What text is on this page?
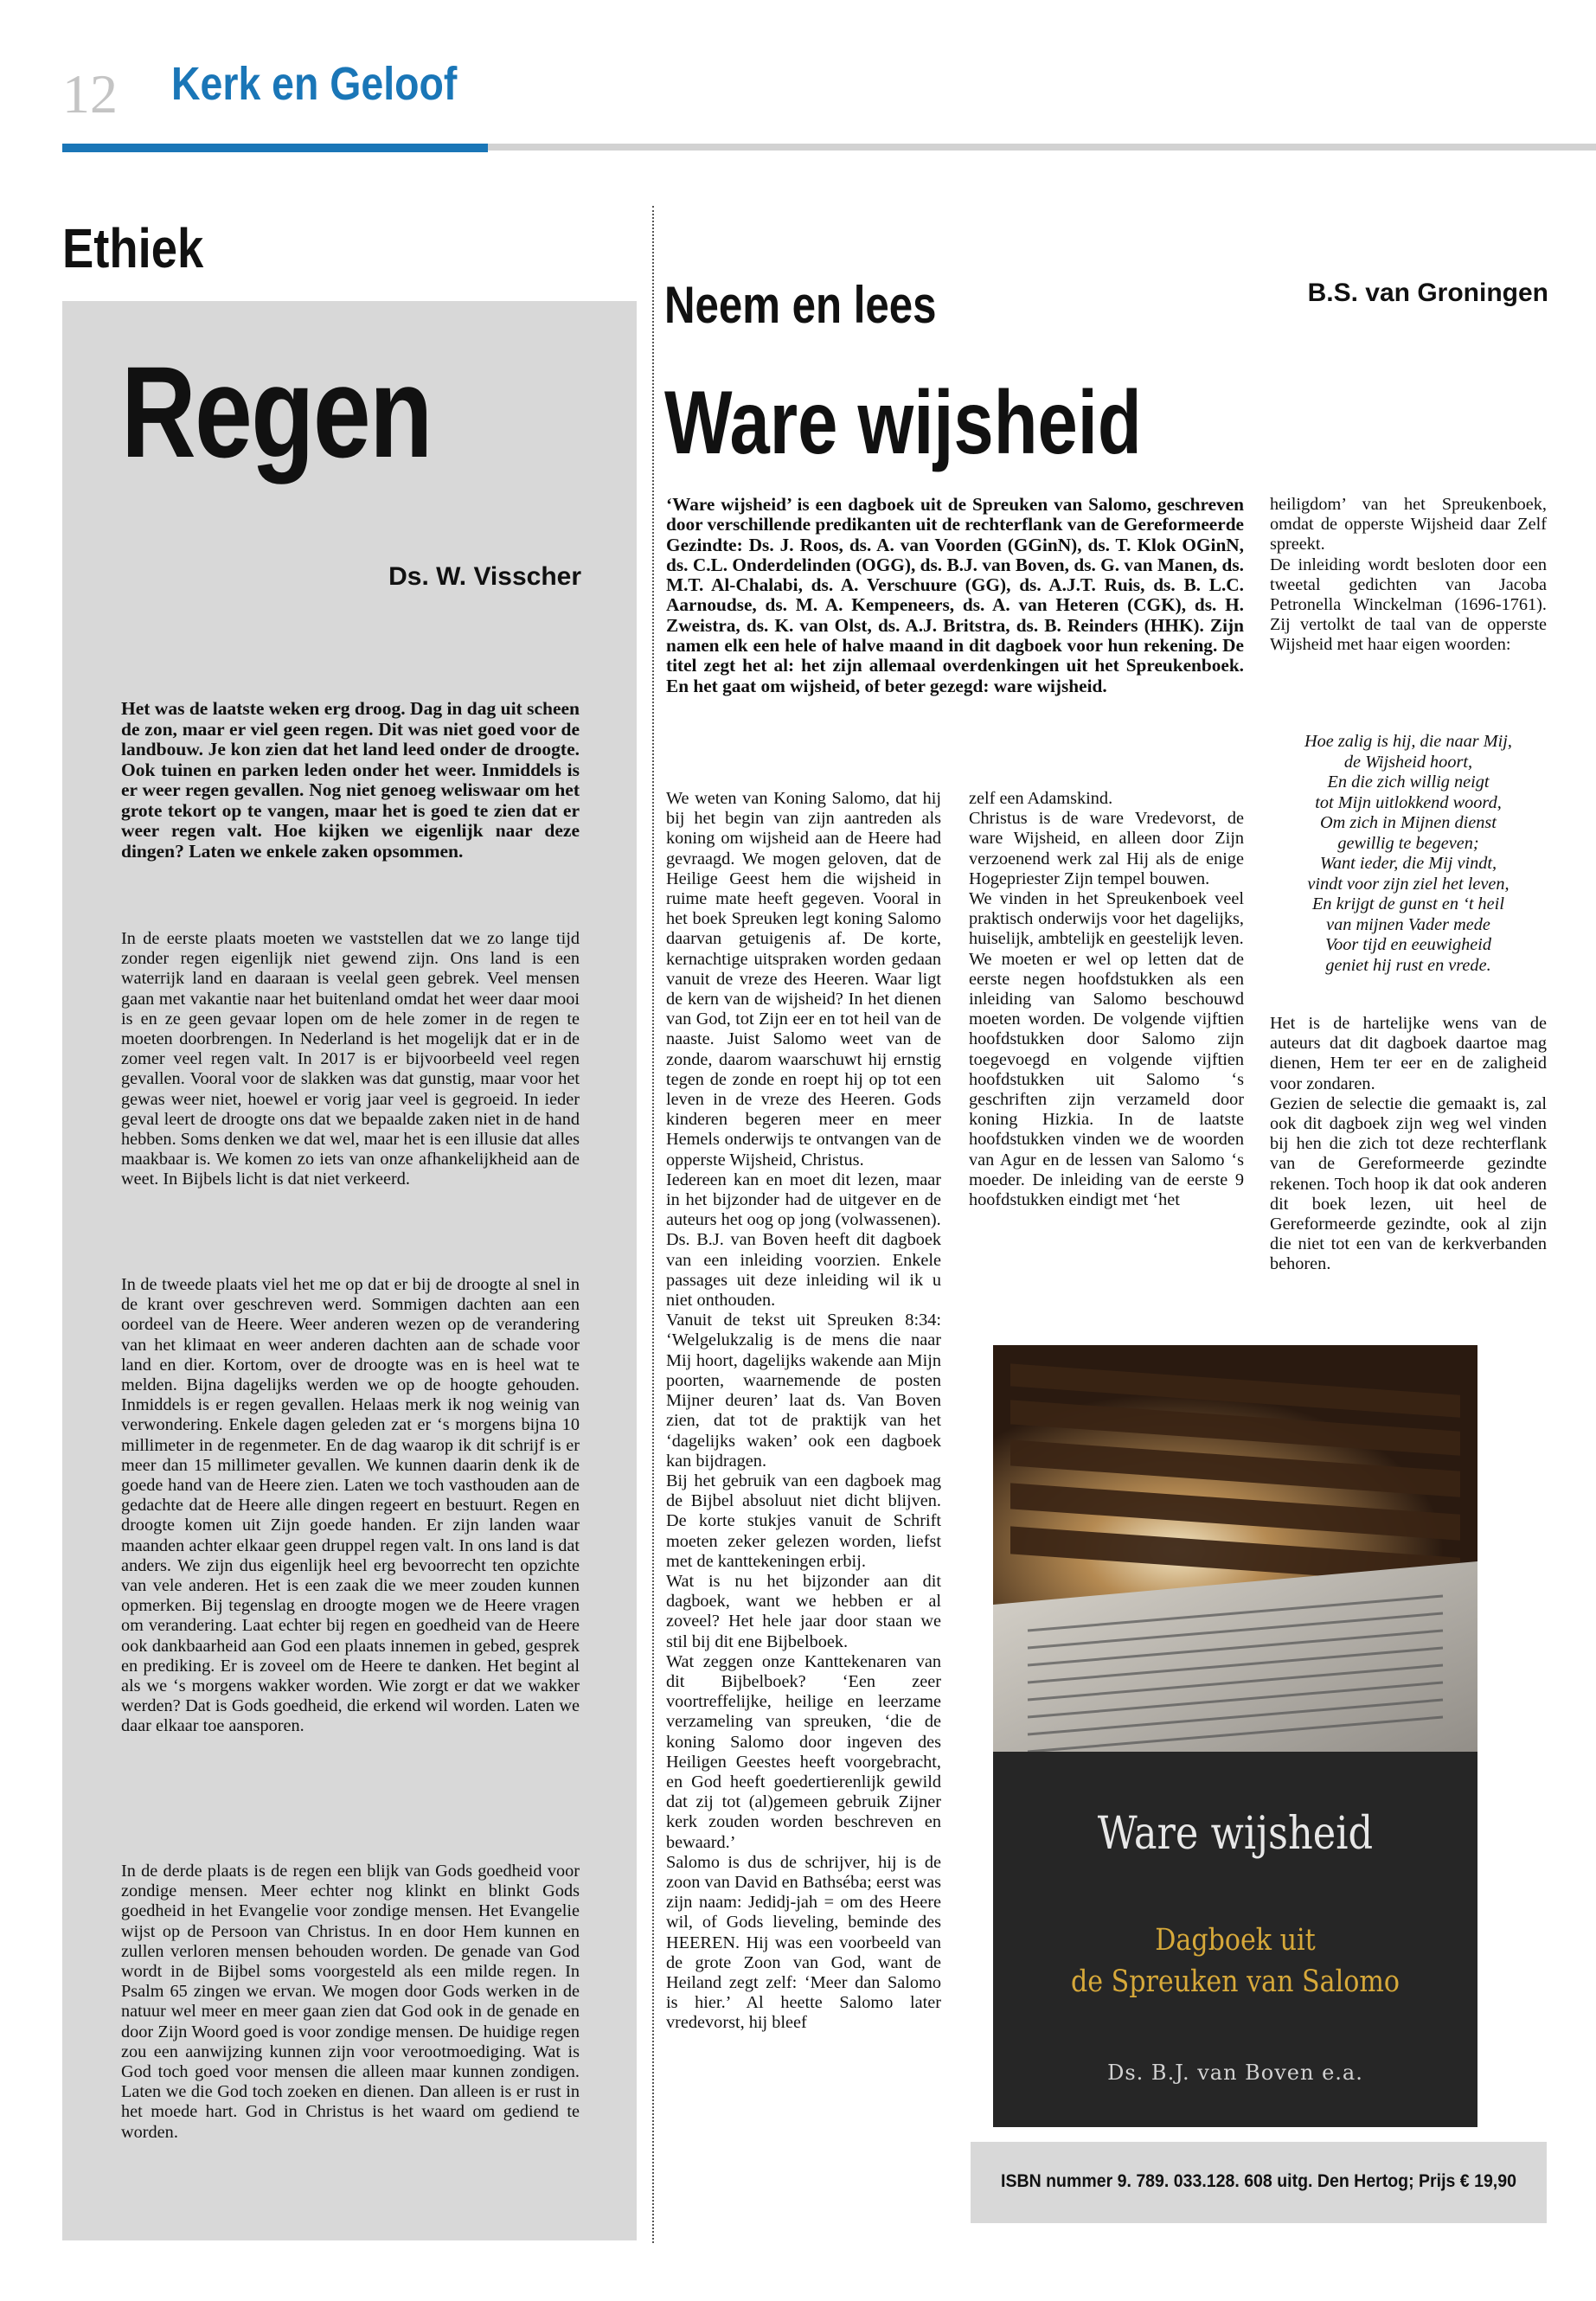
12 Kerk en Geloof
Ethiek
Regen
Ds. W. Visscher
Het was de laatste weken erg droog. Dag in dag uit scheen de zon, maar er viel geen regen. Dit was niet goed voor de landbouw. Je kon zien dat het land leed onder de droogte. Ook tuinen en parken leden onder het weer. Inmiddels is er weer regen gevallen. Nog niet genoeg weliswaar om het grote tekort op te vangen, maar het is goed te zien dat er weer regen valt. Hoe kijken we eigenlijk naar deze dingen? Laten we enkele zaken opsommen.
In de eerste plaats moeten we vaststellen dat we zo lange tijd zonder regen eigenlijk niet gewend zijn. Ons land is een waterrijk land en daaraan is veelal geen gebrek. Veel mensen gaan met vakantie naar het buitenland omdat het weer daar mooi is en ze geen gevaar lopen om de hele zomer in de regen te moeten doorbrengen. In Nederland is het mogelijk dat er in de zomer veel regen valt. In 2017 is er bijvoorbeeld veel regen gevallen. Vooral voor de slakken was dat gunstig, maar voor het gewas weer niet, hoewel er vorig jaar veel is gegroeid. In ieder geval leert de droogte ons dat we bepaalde zaken niet in de hand hebben. Soms denken we dat wel, maar het is een illusie dat alles maakbaar is. We komen zo iets van onze afhankelijkheid aan de weet. In Bijbels licht is dat niet verkeerd.
In de tweede plaats viel het me op dat er bij de droogte al snel in de krant over geschreven werd. Sommigen dachten aan een oordeel van de Heere. Weer anderen wezen op de verandering van het klimaat en weer anderen dachten aan de schade voor land en dier. Kortom, over de droogte was en is heel wat te melden. Bijna dagelijks werden we op de hoogte gehouden. Inmiddels is er regen gevallen. Helaas merk ik nog weinig van verwondering. Enkele dagen geleden zat er ‘s morgens bijna 10 millimeter in de regenmeter. En de dag waarop ik dit schrijf is er meer dan 15 millimeter gevallen. We kunnen daarin denk ik de goede hand van de Heere zien. Laten we toch vasthouden aan de gedachte dat de Heere alle dingen regeert en bestuurt. Regen en droogte komen uit Zijn goede handen. Er zijn landen waar maanden achter elkaar geen druppel regen valt. In ons land is dat anders. We zijn dus eigenlijk heel erg bevoorrecht ten opzichte van vele anderen. Het is een zaak die we meer zouden kunnen opmerken. Bij tegenslag en droogte mogen we de Heere vragen om verandering. Laat echter bij regen en goedheid van de Heere ook dankbaarheid aan God een plaats innemen in gebed, gesprek en prediking. Er is zoveel om de Heere te danken. Het begint al als we ‘s morgens wakker worden. Wie zorgt er dat we wakker werden? Dat is Gods goedheid, die erkend wil worden. Laten we daar elkaar toe aansporen.
In de derde plaats is de regen een blijk van Gods goedheid voor zondige mensen. Meer echter nog klinkt en blinkt Gods goedheid in het Evangelie voor zondige mensen. Het Evangelie wijst op de Persoon van Christus. In en door Hem kunnen en zullen verloren mensen behouden worden. De genade van God wordt in de Bijbel soms voorgesteld als een milde regen. In Psalm 65 zingen we ervan. We mogen door Gods werken in de natuur wel meer en meer gaan zien dat God ook in de genade en door Zijn Woord goed is voor zondige mensen. De huidige regen zou een aanwijzing kunnen zijn voor verootmoediging. Wat is God toch goed voor mensen die alleen maar kunnen zondigen. Laten we die God toch zoeken en dienen. Dan alleen is er rust in het moede hart. God in Christus is het waard om gediend te worden.
Neem en lees	B.S. van Groningen
Ware wijsheid
‘Ware wijsheid’ is een dagboek uit de Spreuken van Salomo, geschreven door verschillende predikanten uit de rechterflank van de Gereformeerde Gezindte: Ds. J. Roos, ds. A. van Voorden (GGinN), ds. T. Klok OGinN, ds. C.L. Onderdelinden (OGG), ds. B.J. van Boven, ds. G. van Manen, ds. M.T. Al-Chalabi, ds. A. Verschuure (GG), ds. A.J.T. Ruis, ds. B. L.C. Aarnoudse, ds. M. A. Kempeneers, ds. A. van Heteren (CGK), ds. H. Zweistra, ds. K. van Olst, ds. A.J. Britstra, ds. B. Reinders (HHK). Zijn namen elk een hele of halve maand in dit dagboek voor hun rekening. De titel zegt het al: het zijn allemaal overdenkingen uit het Spreukenboek. En het gaat om wijsheid, of beter gezegd: ware wijsheid.

We weten van Koning Salomo, dat hij bij het begin van zijn aantreden als koning om wijsheid aan de Heere had gevraagd. We mogen geloven, dat de Heilige Geest hem die wijsheid in ruime mate heeft gegeven. Vooral in het boek Spreuken legt koning Salomo daarvan getuigenis af. De korte, kernachtige uitspraken worden gedaan vanuit de vreze des Heeren. Waar ligt de kern van de wijsheid? In het dienen van God, tot Zijn eer en tot heil van de naaste. Juist Salomo weet van de zonde, daarom waarschuwt hij ernstig tegen de zonde en roept hij op tot een leven in de vreze des Heeren. Gods kinderen begeren meer en meer Hemels onderwijs te ontvangen van de opperste Wijsheid, Christus.

Iedereen kan en moet dit lezen, maar in het bijzonder had de uitgever en de auteurs het oog op jong (volwassenen).

Ds. B.J. van Boven heeft dit dagboek van een inleiding voorzien. Enkele passages uit deze inleiding wil ik u niet onthouden.

Vanuit de tekst uit Spreuken 8:34: ‘Welgelukzalig is de mens die naar Mij hoort, dagelijks wakende aan Mijn poorten, waarnemende de posten Mijner deuren’ laat ds. Van Boven zien, dat tot de praktijk van het ‘dagelijks waken’ ook een dagboek kan bijdragen.

Bij het gebruik van een dagboek mag de Bijbel absoluut niet dicht blijven. De korte stukjes vanuit de Schrift moeten zeker gelezen worden, liefst met de kanttekeningen erbij.

Wat is nu het bijzonder aan dit dagboek, want we hebben er al zoveel? Het hele jaar door staan we stil bij dit ene Bijbelboek.

Wat zeggen onze Kanttekenaren van dit Bijbelboek? ‘Een zeer voortreffelijke, heilige en leerzame verzameling van spreuken, ‘die de koning Salomo door ingeven des Heiligen Geestes heeft voorgebracht, en God heeft goedertierenlijk gewild dat zij tot (al)gemeen gebruik Zijner kerk zouden worden beschreven en bewaard.’

Salomo is dus de schrijver, hij is de zoon van David en Bathséba; eerst was zijn naam: Jedidj-jah = om des Heere wil, of Gods lieveling, beminde des HEEREN. Hij was een voorbeeld van de grote Zoon van God, want de Heiland zegt zelf: ‘Meer dan Salomo is hier.’ Al heette Salomo later vredevorst, hij bleef

zelf een Adamskind.

Christus is de ware Vredevorst, de ware Wijsheid, en alleen door Zijn verzoenend werk zal Hij als de enige Hogepriester Zijn tempel bouwen.

We vinden in het Spreukenboek veel praktisch onderwijs voor het dagelijks, huiselijk, ambtelijk en geestelijk leven.

We moeten er wel op letten dat de eerste negen hoofdstukken als een inleiding van Salomo beschouwd moeten worden. De volgende vijftien hoofdstukken door Salomo zijn toegevoegd en volgende vijftien hoofdstukken uit Salomo ‘s geschriften zijn verzameld door koning Hizkia. In de laatste hoofdstukken vinden we de woorden van Agur en de lessen van Salomo ‘s moeder. De inleiding van de eerste 9 hoofdstukken eindigt met ‘het

heiligdom’ van het Spreukenboek, omdat de opperste Wijsheid daar Zelf spreekt.

De inleiding wordt besloten door een tweetal gedichten van Jacoba Petronella Winckelman (1696-1761). Zij vertolkt de taal van de opperste Wijsheid met haar eigen woorden:

Hoe zalig is hij, die naar Mij,
de Wijsheid hoort,
En die zich willig neigt
tot Mijn uitlokkend woord,
Om zich in Mijnen dienst
gewillig te begeven;
Want ieder, die Mij vindt,
vindt voor zijn ziel het leven,
En krijgt de gunst en ‘t heil
van mijnen Vader mede
Voor tijd en eeuwigheid
geniet hij rust en vrede.

Het is de hartelijke wens van de auteurs dat dit dagboek daartoe mag dienen, Hem ter eer en de zaligheid voor zondaren.

Gezien de selectie die gemaakt is, zal ook dit dagboek zijn weg wel vinden bij hen die zich tot deze rechterflank van de Gereformeerde gezindte rekenen. Toch hoop ik dat ook anderen dit boek lezen, uit heel de Gereformeerde gezindte, ook al zijn die niet tot een van de kerkverbanden behoren.

Ware wijsheid
Dagboek uit
de Spreuken van Salomo
Ds. B.J. van Boven e.a.
ISBN nummer 9. 789. 033.128. 608 uitg. Den Hertog; Prijs € 19,90
